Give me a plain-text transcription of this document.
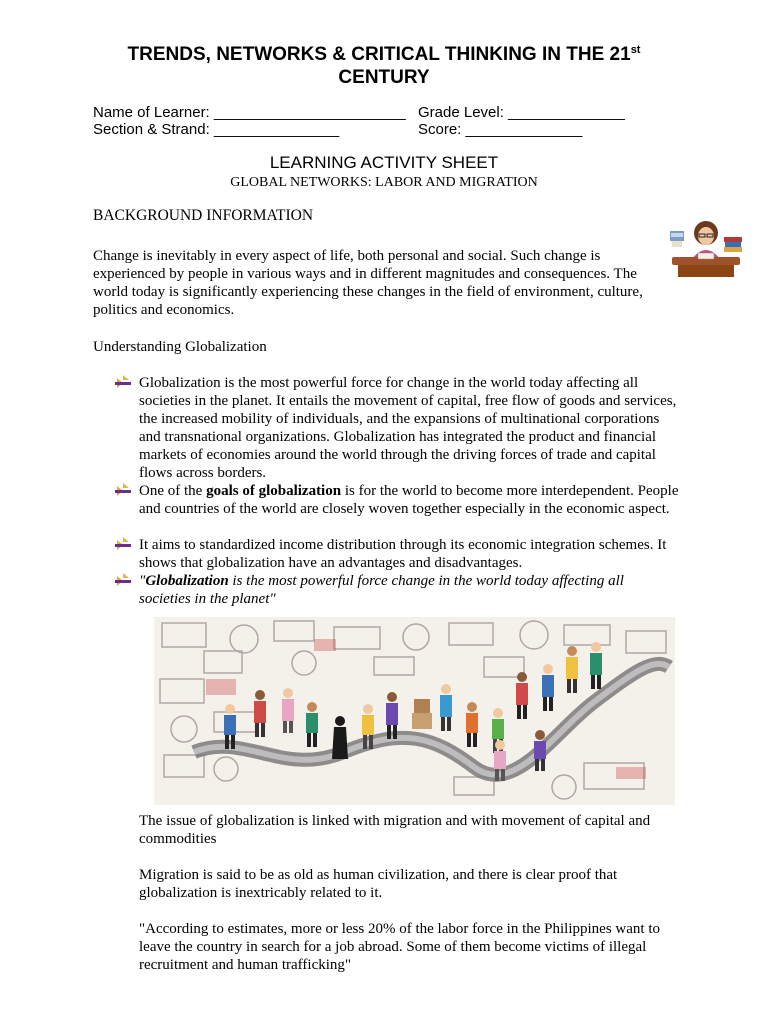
TRENDS, NETWORKS & CRITICAL THINKING IN THE 21st
CENTURY
Name of Learner: _______________________ Grade Level: ______________
Section & Strand: _______________	Score: ______________
LEARNING ACTIVITY SHEET
GLOBAL NETWORKS: LABOR AND MIGRATION
BACKGROUND INFORMATION
Change is inevitably in every aspect of life, both personal and social. Such change is experienced by people in various ways and in different magnitudes and consequences. The world today is significantly experiencing these changes in the field of environment, culture, politics and economics.
Understanding Globalization
Globalization is the most powerful force for change in the world today affecting all societies in the planet. It entails the movement of capital, free flow of goods and services, the increased mobility of individuals, and the expansions of multinational corporations and transnational organizations. Globalization has integrated the product and financial markets of economies around the world through the driving forces of trade and capital flows across borders.
One of the goals of globalization is for the world to become more interdependent. People and countries of the world are closely woven together especially in the economic aspect.
It aims to standardized income distribution through its economic integration schemes. It shows that globalization have an advantages and disadvantages.
"Globalization is the most powerful force change in the world today affecting all societies in the planet"
The issue of globalization is linked with migration and with movement of capital and commodities
Migration is said to be as old as human civilization, and there is clear proof that globalization is inextricably related to it.
"According to estimates, more or less 20% of the labor force in the Philippines want to leave the country in search for a job abroad. Some of them become victims of illegal recruitment and human trafficking"
